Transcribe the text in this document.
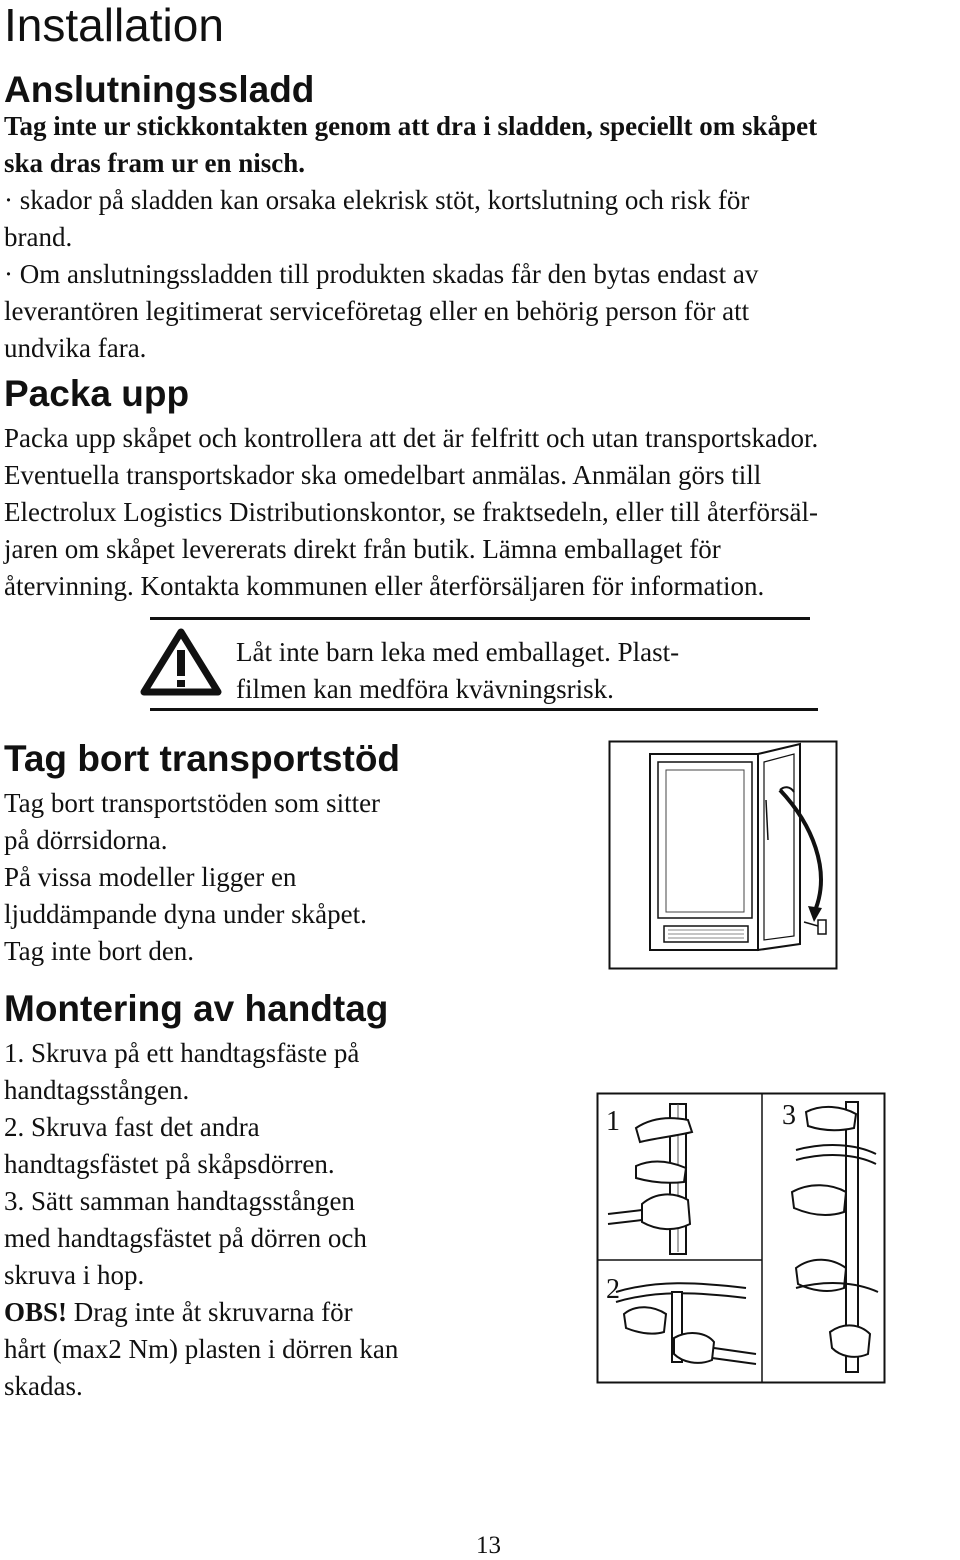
Installation
Anslutningssladd
Tag inte ur stickkontakten genom att dra i sladden, speciellt om skåpet
ska dras fram ur en nisch.
· skador på sladden kan orsaka elekrisk stöt, kortslutning och risk för
brand.
· Om anslutningssladden till produkten skadas får den bytas endast av
leverantören legitimerat serviceföretag eller en behörig person för att
undvika fara.
Packa upp
Packa upp skåpet och kontrollera att det är felfritt och utan transportskador.
Eventuella transportskador ska omedelbart anmälas. Anmälan görs till
Electrolux Logistics Distributionskontor, se fraktsedeln, eller till återförsäl-
jaren om skåpet levererats direkt från butik. Lämna emballaget för
återvinning. Kontakta kommunen eller återförsäljaren för information.
Låt inte barn leka med emballaget. Plast-
filmen kan medföra kvävningsrisk.
Tag bort transportstöd
Tag bort transportstöden som sitter
på dörrsidorna.
På vissa modeller ligger en
ljuddämpande dyna under skåpet.
Tag inte bort den.
Montering av handtag
1. Skruva på ett handtagsfäste på
handtagsstången.
2. Skruva fast det andra
handtagsfästet på skåpsdörren.
3. Sätt samman handtagsstången
med handtagsfästet på dörren och
skruva i hop.
OBS! Drag inte åt skruvarna för
hårt (max2 Nm) plasten i dörren kan
skadas.
1
2
3
13
